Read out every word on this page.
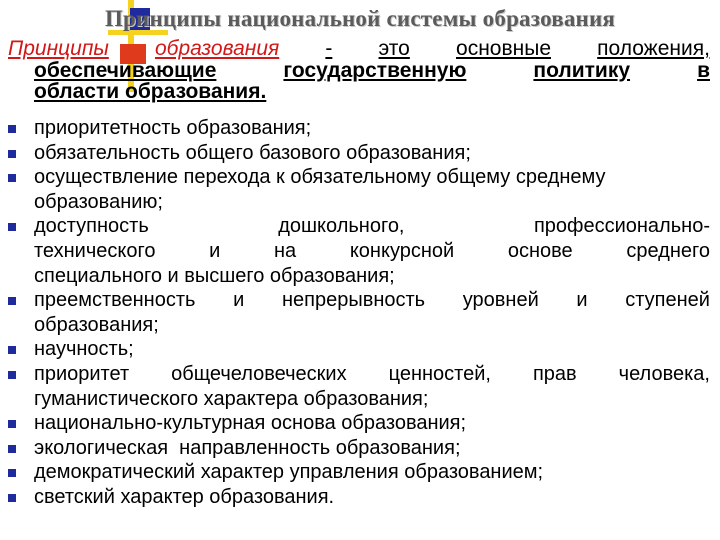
Принципы национальной системы образования
Принципы образования - это основные положения,
обеспечивающие	государственную	политику	в
области образования.
приоритетность образования;
обязательность общего базового образования;
осуществление перехода к обязательному общему среднему
образованию;
доступность	дошкольного,	профессионально-
технического	и	на	конкурсной	основе	среднего
специального и высшего образования;
преемственность и непрерывность уровней и ступеней
образования;
научность;
приоритет общечеловеческих ценностей, прав человека,
гуманистического характера образования;
национально-культурная основа образования;
экологическая  направленность образования;
демократический характер управления образованием;
светский характер образования.
